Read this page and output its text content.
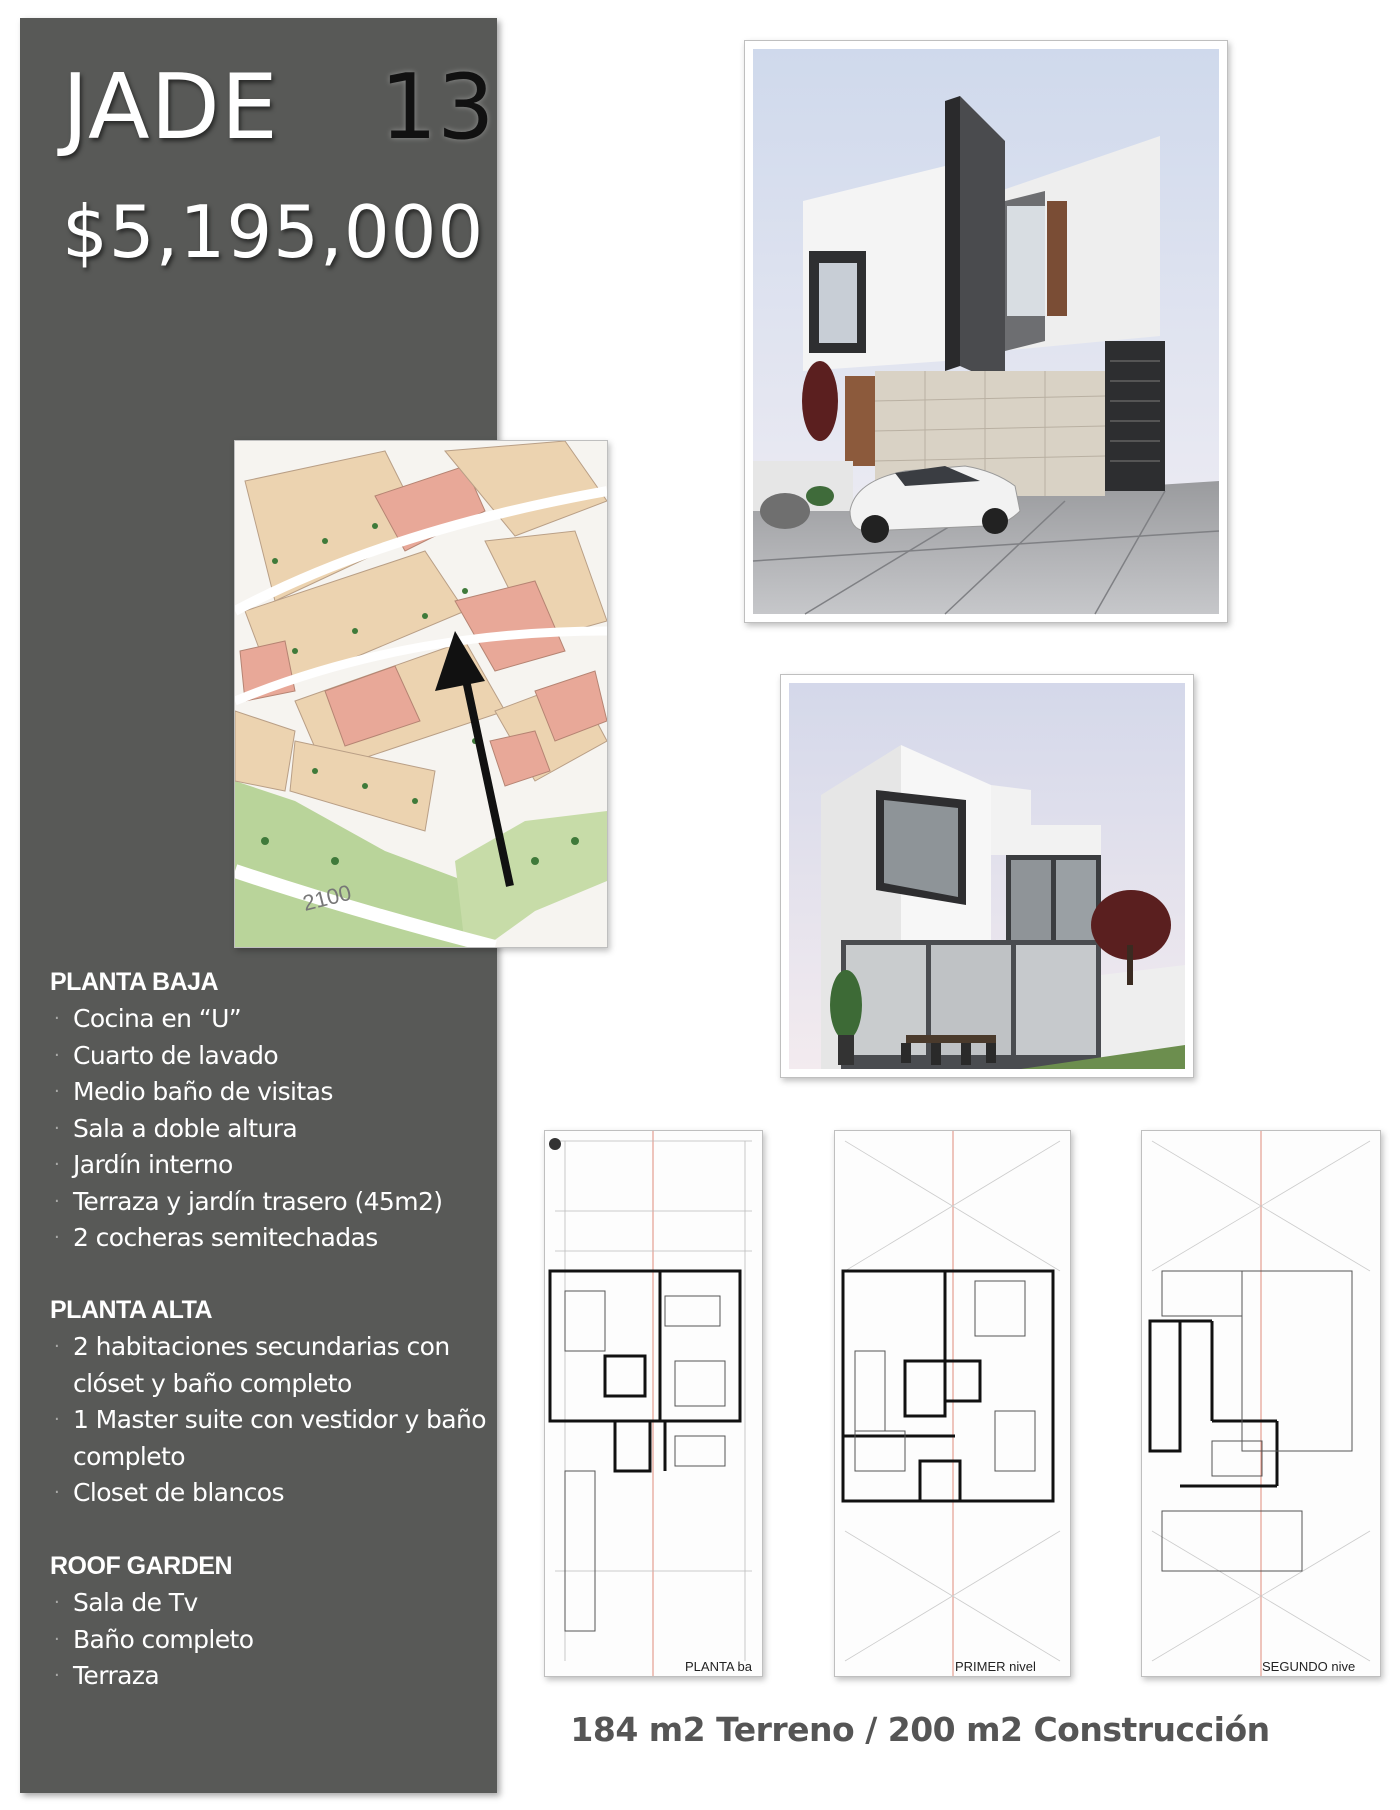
JADE 13
$5,195,000
2100
PLANTA BAJA
· Cocina en “U”
· Cuarto de lavado
· Medio baño de visitas
· Sala a doble altura
· Jardín interno
· Terraza y jardín trasero (45m2)
· 2 cocheras semitechadas
PLANTA ALTA
· 2 habitaciones secundarias con clóset y baño completo
· 1 Master suite con vestidor y baño completo
· Closet de blancos
ROOF GARDEN
· Sala de Tv
· Baño completo
· Terraza	PLANTA ba	PRIMER nivel	SEGUNDO nive
184 m2 Terreno / 200 m2 Construcción
